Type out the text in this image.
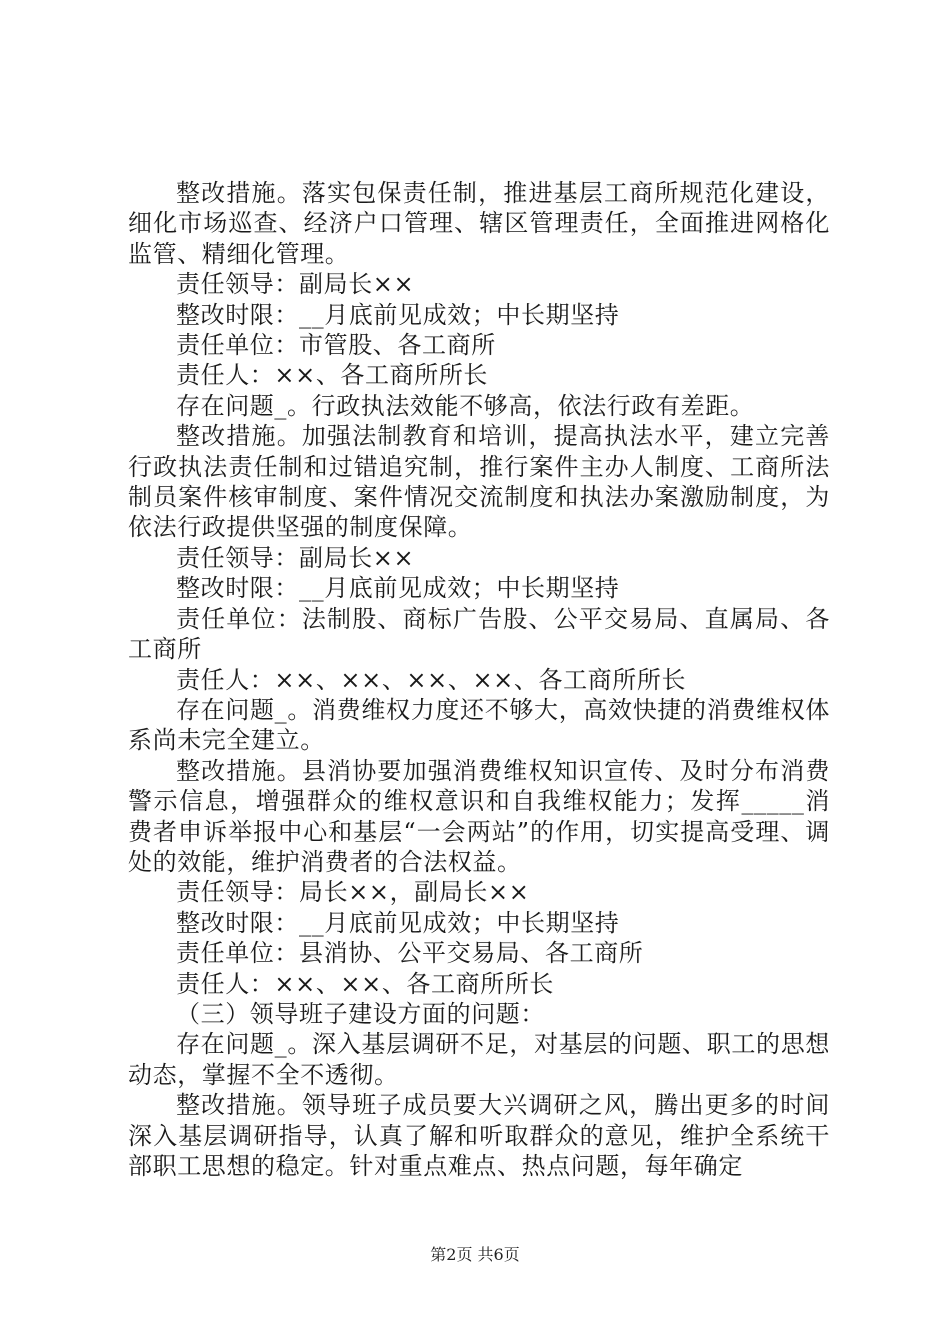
整改措施。落实包保责任制，推进基层工商所规范化建设，细化市场巡查、经济户口管理、辖区管理责任，全面推进网格化监管、精细化管理。

责任领导：副局长××

整改时限：__月底前见成效；中长期坚持

责任单位：市管股、各工商所

责任人：××、各工商所所长

存在问题_。行政执法效能不够高，依法行政有差距。

整改措施。加强法制教育和培训，提高执法水平，建立完善行政执法责任制和过错追究制，推行案件主办人制度、工商所法制员案件核审制度、案件情况交流制度和执法办案激励制度，为依法行政提供坚强的制度保障。

责任领导：副局长××

整改时限：__月底前见成效；中长期坚持

责任单位：法制股、商标广告股、公平交易局、直属局、各工商所

责任人：××、××、××、××、各工商所所长

存在问题_。消费维权力度还不够大，高效快捷的消费维权体系尚未完全建立。

整改措施。县消协要加强消费维权知识宣传、及时分布消费警示信息，增强群众的维权意识和自我维权能力；发挥_____消费者申诉举报中心和基层“一会两站”的作用，切实提高受理、调处的效能，维护消费者的合法权益。

责任领导：局长××，副局长××

整改时限：__月底前见成效；中长期坚持

责任单位：县消协、公平交易局、各工商所

责任人：××、××、各工商所所长

（三）领导班子建设方面的问题：

存在问题_。深入基层调研不足，对基层的问题、职工的思想动态，掌握不全不透彻。

整改措施。领导班子成员要大兴调研之风，腾出更多的时间深入基层调研指导，认真了解和听取群众的意见，维护全系统干部职工思想的稳定。针对重点难点、热点问题，每年确定

第2页 共6页
